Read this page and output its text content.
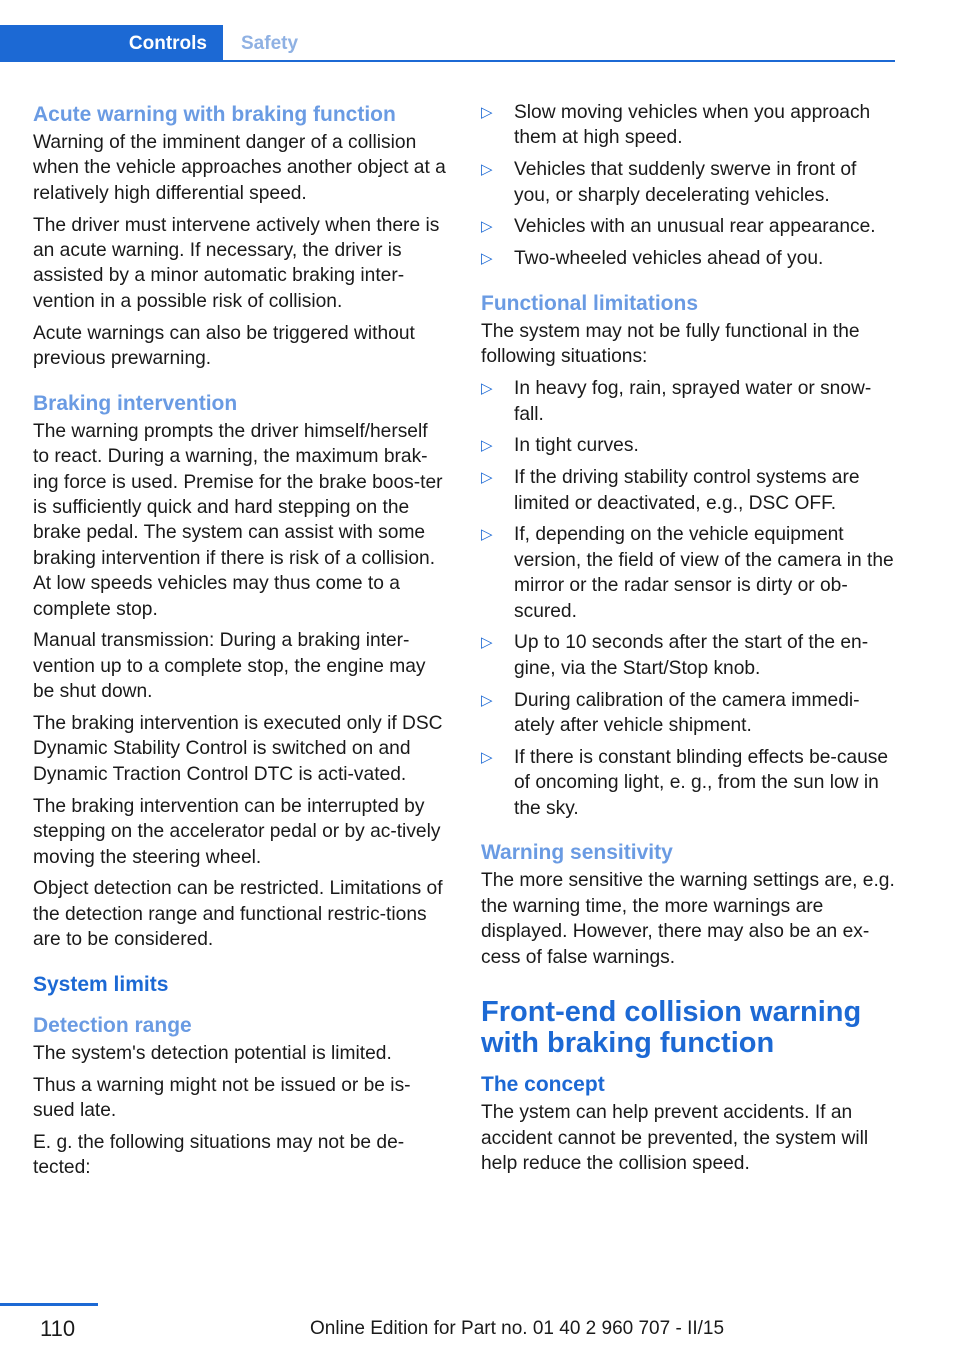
Controls	Safety
Acute warning with braking function

Warning of the imminent danger of a collision when the vehicle approaches another object at a relatively high differential speed.

The driver must intervene actively when there is an acute warning. If necessary, the driver is assisted by a minor automatic braking inter-vention in a possible risk of collision.

Acute warnings can also be triggered without previous prewarning.

Braking intervention

The warning prompts the driver himself/herself to react. During a warning, the maximum brak-ing force is used. Premise for the brake boos-ter is sufficiently quick and hard stepping on the brake pedal. The system can assist with some braking intervention if there is risk of a collision. At low speeds vehicles may thus come to a complete stop.

Manual transmission: During a braking inter-vention up to a complete stop, the engine may be shut down.

The braking intervention is executed only if DSC Dynamic Stability Control is switched on and Dynamic Traction Control DTC is acti-vated.

The braking intervention can be interrupted by stepping on the accelerator pedal or by ac-tively moving the steering wheel.

Object detection can be restricted. Limitations of the detection range and functional restric-tions are to be considered.

System limits
Detection range

The system's detection potential is limited.

Thus a warning might not be issued or be is-sued late.

E. g. the following situations may not be de-tected:

▷ Slow moving vehicles when you approach them at high speed.
▷ Vehicles that suddenly swerve in front of you, or sharply decelerating vehicles.
▷ Vehicles with an unusual rear appearance.
▷ Two-wheeled vehicles ahead of you.
Functional limitations

The system may not be fully functional in the following situations:

▷ In heavy fog, rain, sprayed water or snow-fall.
▷ In tight curves.
▷ If the driving stability control systems are limited or deactivated, e.g., DSC OFF.
▷ If, depending on the vehicle equipment version, the field of view of the camera in the mirror or the radar sensor is dirty or ob-scured.
▷ Up to 10 seconds after the start of the en-gine, via the Start/Stop knob.
▷ During calibration of the camera immedi-ately after vehicle shipment.
▷ If there is constant blinding effects be-cause of oncoming light, e. g., from the sun low in the sky.
Warning sensitivity

The more sensitive the warning settings are, e.g. the warning time, the more warnings are displayed. However, there may also be an ex-cess of false warnings.

Front-end collision warning with braking function
The concept

The ystem can help prevent accidents. If an accident cannot be prevented, the system will help reduce the collision speed.

110	Online Edition for Part no. 01 40 2 960 707 - II/15
